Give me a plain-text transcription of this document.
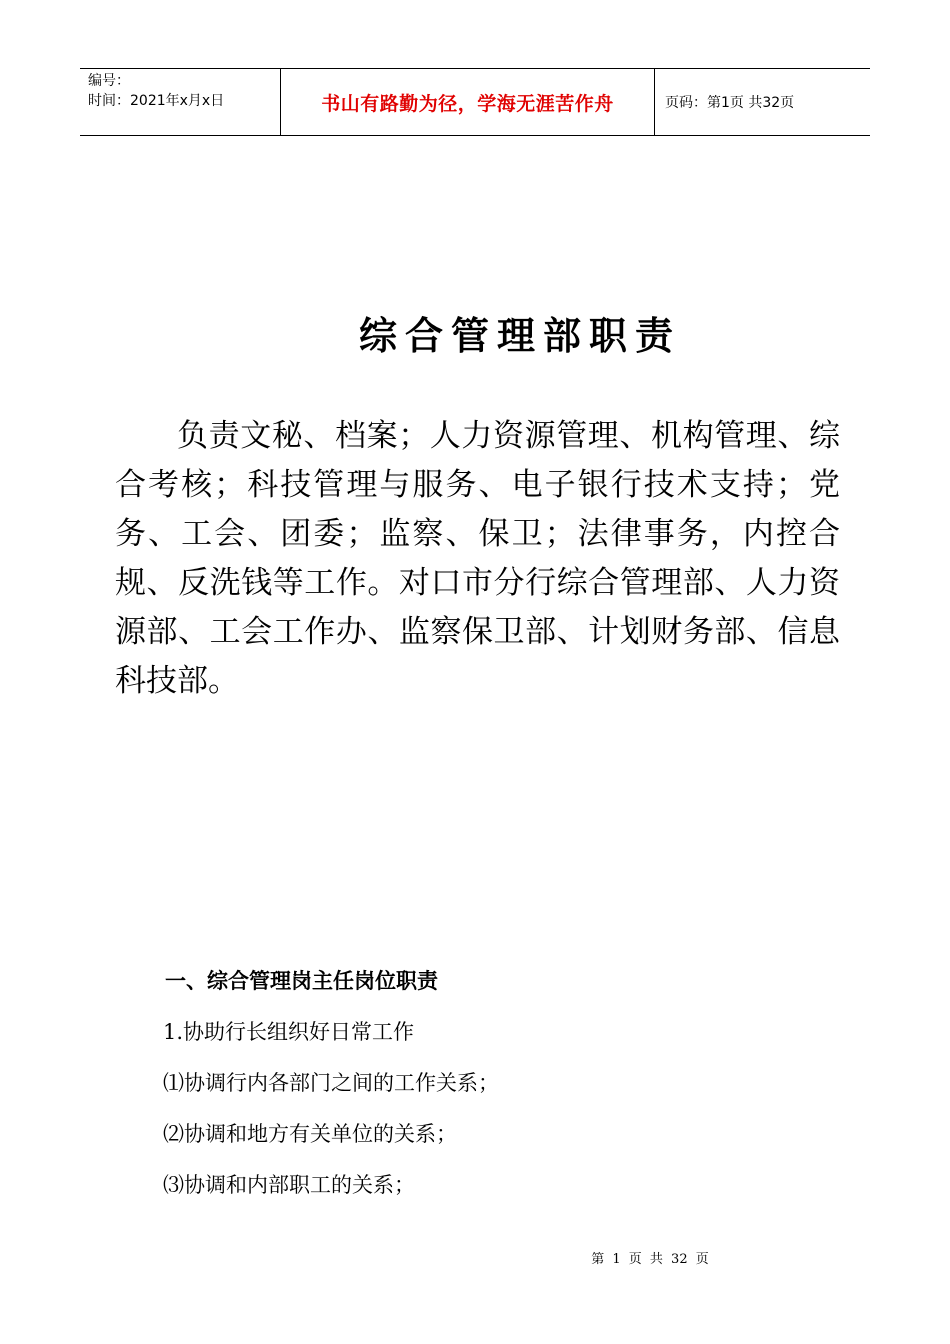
编号：
时间：2021年x月x日	书山有路勤为径，学海无涯苦作舟	页码：第1页 共32页
综合管理部职责

负责文秘、档案；人力资源管理、机构管理、综合考核；科技管理与服务、电子银行技术支持；党务、工会、团委；监察、保卫；法律事务，内控合规、反洗钱等工作。对口市分行综合管理部、人力资源部、工会工作办、监察保卫部、计划财务部、信息科技部。

一、综合管理岗主任岗位职责
1.协助行长组织好日常工作
⑴协调行内各部门之间的工作关系；
⑵协调和地方有关单位的关系；
⑶协调和内部职工的关系；
第 1 页 共 32 页
